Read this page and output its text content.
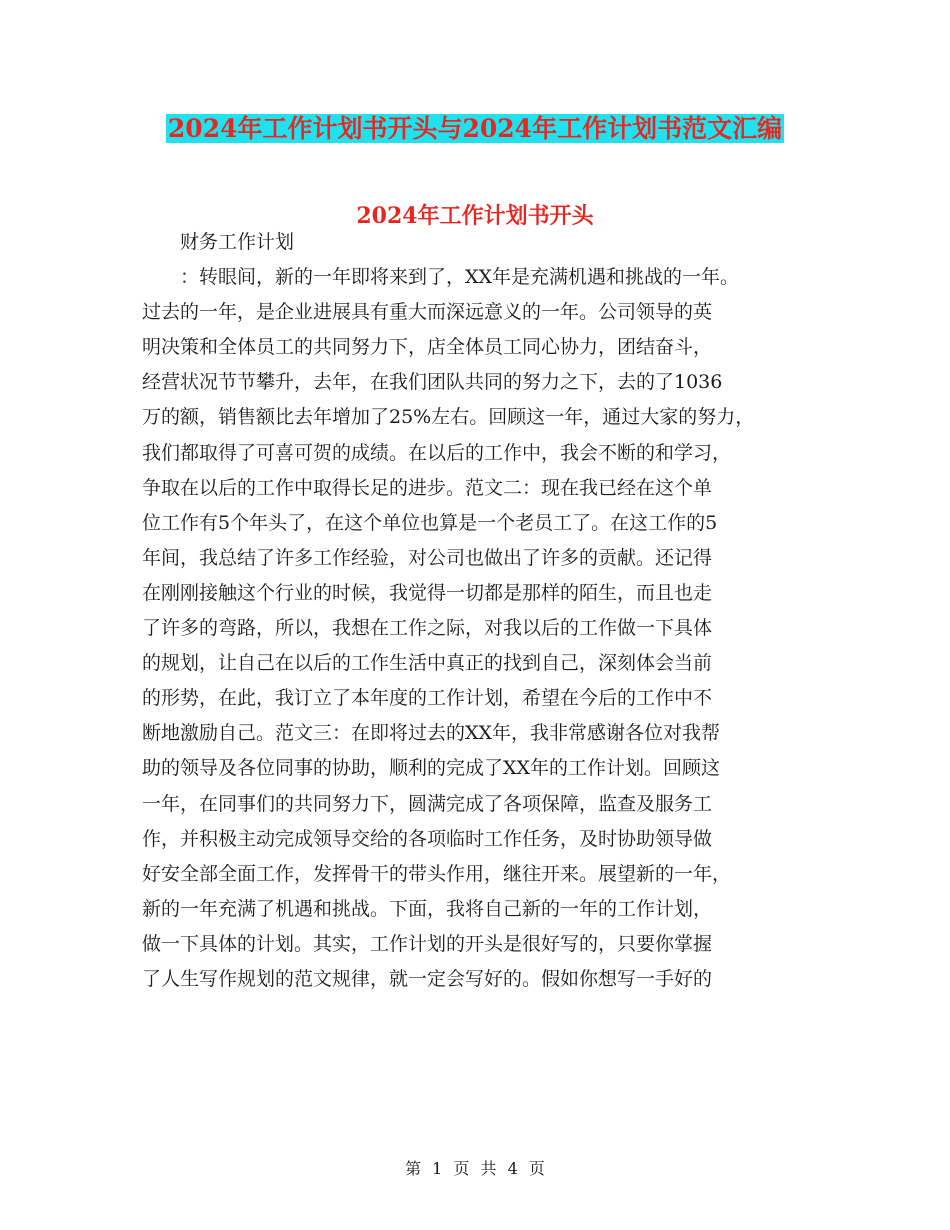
2024年工作计划书开头与2024年工作计划书范文汇编
2024年工作计划书开头

　　财务工作计划

　　：转眼间，新的一年即将来到了，XX年是充满机遇和挑战的一年。

过去的一年，是企业进展具有重大而深远意义的一年。公司领导的英

明决策和全体员工的共同努力下，店全体员工同心协力，团结奋斗，

经营状况节节攀升，去年，在我们团队共同的努力之下，去的了1036

万的额，销售额比去年增加了25%左右。回顾这一年，通过大家的努力，

我们都取得了可喜可贺的成绩。在以后的工作中，我会不断的和学习，

争取在以后的工作中取得长足的进步。范文二：现在我已经在这个单

位工作有5个年头了，在这个单位也算是一个老员工了。在这工作的5

年间，我总结了许多工作经验，对公司也做出了许多的贡献。还记得

在刚刚接触这个行业的时候，我觉得一切都是那样的陌生，而且也走

了许多的弯路，所以，我想在工作之际，对我以后的工作做一下具体

的规划，让自己在以后的工作生活中真正的找到自己，深刻体会当前

的形势，在此，我订立了本年度的工作计划，希望在今后的工作中不

断地激励自己。范文三：在即将过去的XX年，我非常感谢各位对我帮

助的领导及各位同事的协助，顺利的完成了XX年的工作计划。回顾这

一年，在同事们的共同努力下，圆满完成了各项保障，监查及服务工

作，并积极主动完成领导交给的各项临时工作任务，及时协助领导做

好安全部全面工作，发挥骨干的带头作用，继往开来。展望新的一年，

新的一年充满了机遇和挑战。下面，我将自己新的一年的工作计划，

做一下具体的计划。其实，工作计划的开头是很好写的，只要你掌握

了人生写作规划的范文规律，就一定会写好的。假如你想写一手好的

第 1 页 共 4 页
